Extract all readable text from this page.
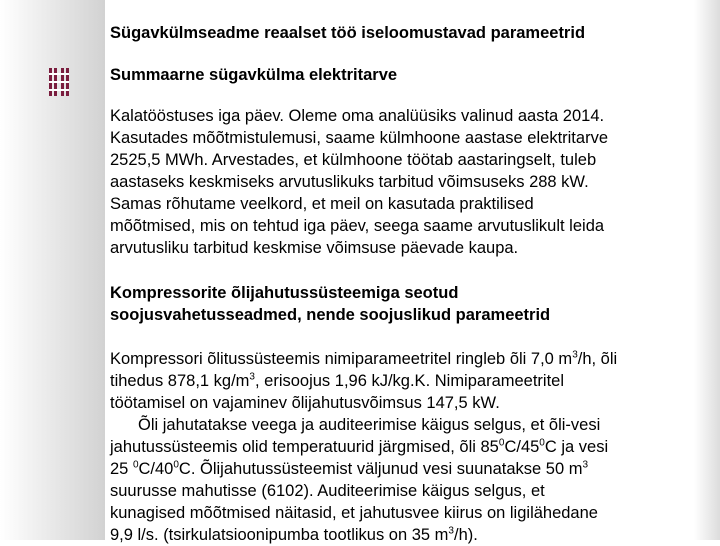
Sügavkülmseadme reaalset töö iseloomustavad parameetrid
Summaarne sügavkülma elektritarve
Kalatööstuses iga päev. Oleme oma analüüsiks valinud aasta 2014.
Kasutades mõõtmistulemusi, saame külmhoone aastase elektritarve
2525,5 MWh. Arvestades, et külmhoone töötab aastaringselt, tuleb
aastaseks keskmiseks arvutuslikuks tarbitud võimsuseks 288 kW.
Samas rõhutame veelkord, et meil on kasutada praktilised
mõõtmised, mis on tehtud iga päev, seega saame arvutuslikult leida
arvutusliku tarbitud keskmise võimsuse päevade kaupa.
Kompressorite õlijahutussüsteemiga seotud
soojusvahetusseadmed, nende soojuslikud parameetrid
Kompressori õlitussüsteemis nimiparameetritel ringleb õli 7,0 $m^3/h$, õli
tihedus 878,1 $kg/m^3$, erisoojus 1,96 kJ/kg.K. Nimiparameetritel
töötamisel on vajaminev õlijahutusvõimsus 147,5 kW.
Õli jahutatakse veega ja auditeerimise käigus selgus, et õli-vesi
jahutussüsteemis olid temperatuurid järgmised, õli $85^0C/45^0C$ ja vesi
25 $^0C/40^0C$. Õlijahutussüsteemist väljunud vesi suunatakse 50 $m^3$
suurusse mahutisse (6102). Auditeerimise käigus selgus, et
kunagised mõõtmised näitasid, et jahutusvee kiirus on ligilähedane
9,9 l/s. (tsirkulatsioonipumba tootlikus on 35 $m^3/h$).
